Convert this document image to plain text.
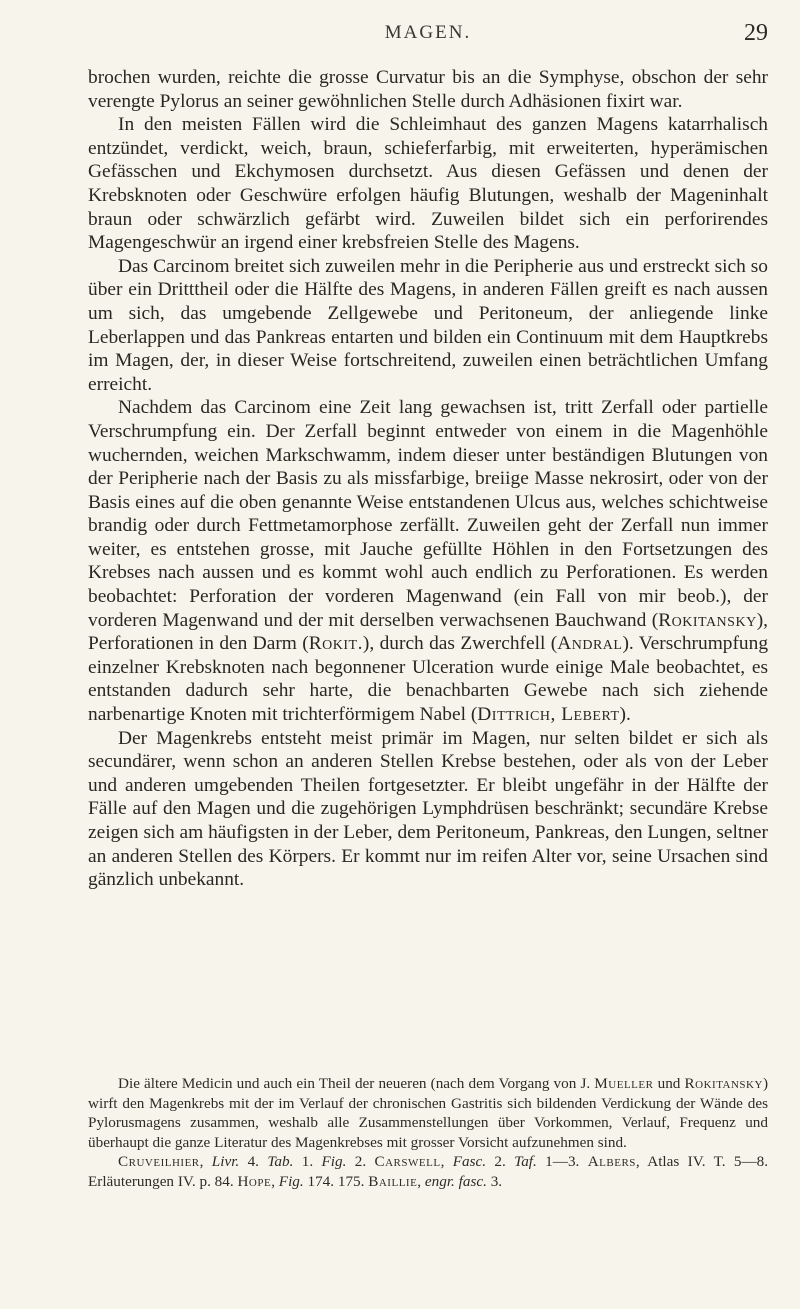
MAGEN.	29

brochen wurden, reichte die grosse Curvatur bis an die Symphyse, obschon der sehr verengte Pylorus an seiner gewöhnlichen Stelle durch Adhäsionen fixirt war.

In den meisten Fällen wird die Schleimhaut des ganzen Magens katarrhalisch entzündet, verdickt, weich, braun, schieferfarbig, mit erweiterten, hyperämischen Gefässchen und Ekchymosen durchsetzt. Aus diesen Gefässen und denen der Krebsknoten oder Geschwüre erfolgen häufig Blutungen, weshalb der Mageninhalt braun oder schwärzlich gefärbt wird. Zuweilen bildet sich ein perforirendes Magengeschwür an irgend einer krebsfreien Stelle des Magens.

Das Carcinom breitet sich zuweilen mehr in die Peripherie aus und erstreckt sich so über ein Dritttheil oder die Hälfte des Magens, in anderen Fällen greift es nach aussen um sich, das umgebende Zellgewebe und Peritoneum, der anliegende linke Leberlappen und das Pankreas entarten und bilden ein Continuum mit dem Hauptkrebs im Magen, der, in dieser Weise fortschreitend, zuweilen einen beträchtlichen Umfang erreicht.

Nachdem das Carcinom eine Zeit lang gewachsen ist, tritt Zerfall oder partielle Verschrumpfung ein. Der Zerfall beginnt entweder von einem in die Magenhöhle wuchernden, weichen Markschwamm, indem dieser unter beständigen Blutungen von der Peripherie nach der Basis zu als missfarbige, breiige Masse nekrosirt, oder von der Basis eines auf die oben genannte Weise entstandenen Ulcus aus, welches schichtweise brandig oder durch Fettmetamorphose zerfällt. Zuweilen geht der Zerfall nun immer weiter, es entstehen grosse, mit Jauche gefüllte Höhlen in den Fortsetzungen des Krebses nach aussen und es kommt wohl auch endlich zu Perforationen. Es werden beobachtet: Perforation der vorderen Magenwand (ein Fall von mir beob.), der vorderen Magenwand und der mit derselben verwachsenen Bauchwand (Rokitansky), Perforationen in den Darm (Rokit.), durch das Zwerchfell (Andral). Verschrumpfung einzelner Krebsknoten nach begonnener Ulceration wurde einige Male beobachtet, es entstanden dadurch sehr harte, die benachbarten Gewebe nach sich ziehende narbenartige Knoten mit trichterförmigem Nabel (Dittrich, Lebert).

Der Magenkrebs entsteht meist primär im Magen, nur selten bildet er sich als secundärer, wenn schon an anderen Stellen Krebse bestehen, oder als von der Leber und anderen umgebenden Theilen fortgesetzter. Er bleibt ungefähr in der Hälfte der Fälle auf den Magen und die zugehörigen Lymphdrüsen beschränkt; secundäre Krebse zeigen sich am häufigsten in der Leber, dem Peritoneum, Pankreas, den Lungen, seltner an anderen Stellen des Körpers. Er kommt nur im reifen Alter vor, seine Ursachen sind gänzlich unbekannt.

Die ältere Medicin und auch ein Theil der neueren (nach dem Vorgang von J. Mueller und Rokitansky) wirft den Magenkrebs mit der im Verlauf der chronischen Gastritis sich bildenden Verdickung der Wände des Pylorusmagens zusammen, weshalb alle Zusammenstellungen über Vorkommen, Verlauf, Frequenz und überhaupt die ganze Literatur des Magenkrebses mit grosser Vorsicht aufzunehmen sind.

Cruveilhier, Livr. 4. Tab. 1. Fig. 2. Carswell, Fasc. 2. Taf. 1—3. Albers, Atlas IV. T. 5—8. Erläuterungen IV. p. 84. Hope, Fig. 174. 175. Baillie, engr. fasc. 3.
